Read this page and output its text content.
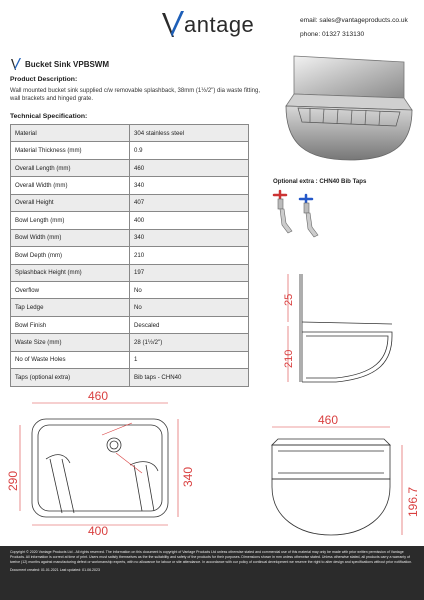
antage	email: sales@vantageproducts.co.uk
phone: 01327 313130
Bucket Sink VPBSWM
Product Description:
Wall mounted bucket sink supplied c/w removable splashback, 38mm (1½/2") dia waste fitting, wall brackets and hinged grate.
Technical Specification:
Material	304 stainless steel
Material Thickness (mm)	0.9
Overall Length (mm)	460
Overall Width (mm)	340
Overall Height	407
Bowl Length (mm)	400
Bowl Width (mm)	340
Bowl Depth (mm)	210
Splashback Height (mm)	197
Overflow	No
Tap Ledge	No
Bowl Finish	Descaled
Waste Size (mm)	28 (1½/2")
No of Waste Holes	1
Taps (optional extra)	Bib taps - CHN40
Optional extra : CHN40 Bib Taps
25
210
460
290	340
400
460
196.7
Copyright © 2020 Vantage Products Ltd - All rights reserved. The information on this document is copyright of Vantage Products Ltd unless otherwise stated and commercial use of this material may only be made with prior written permission of Vantage Products. All information is correct at time of print. Users must satisfy themselves as the the suitability and safety of the products for their purposes. Dimensions shown in mm unless otherwise stated. Unless otherwise stated, all products carry a warranty of twelve (12) months against manufacturing defect or workmanship experts, with no allowance for labour or site attendance. In accordance with our policy of continual development we reserve the right to alter design and specifications without prior notification.
Document created: 01.01.2021 Last updated: 01.06.2023
